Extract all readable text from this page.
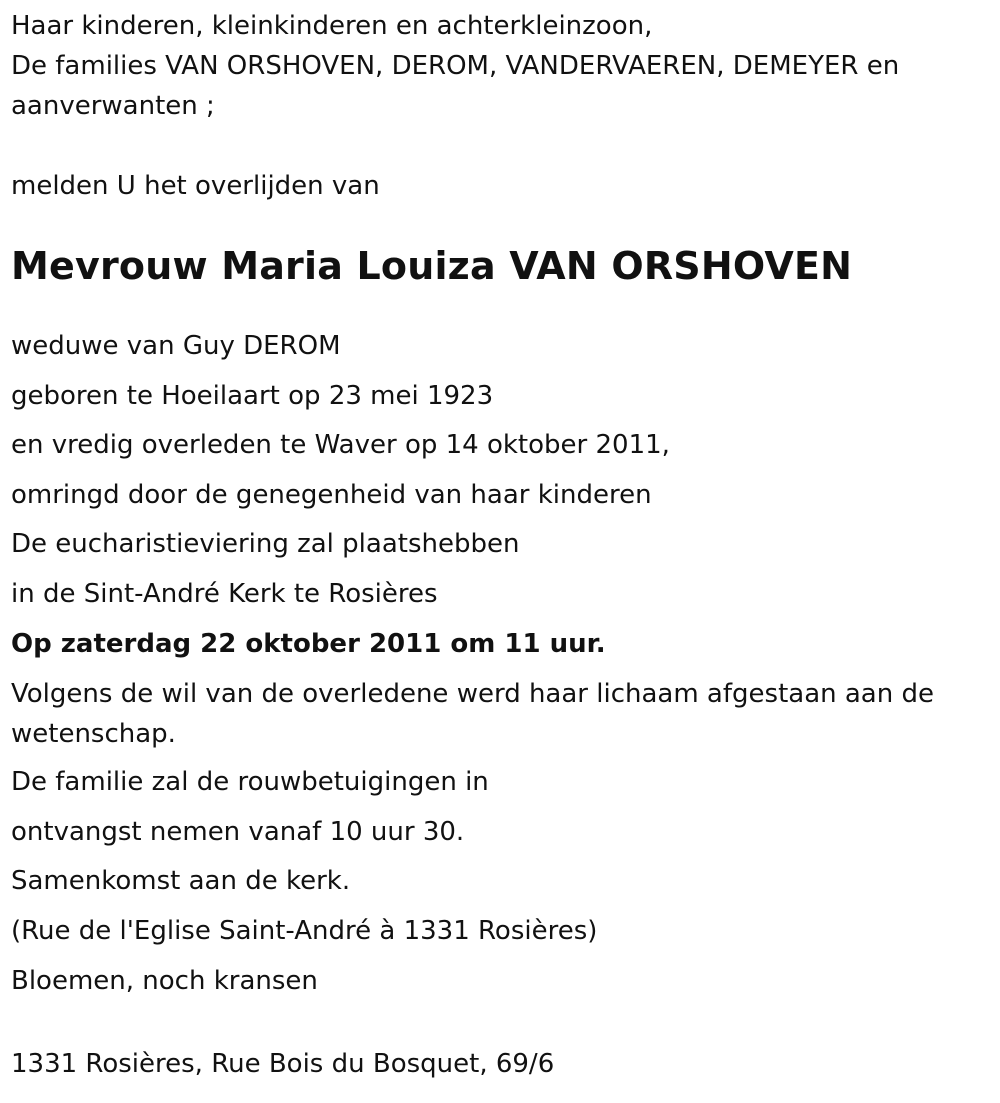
Haar kinderen, kleinkinderen en achterkleinzoon,
De families VAN ORSHOVEN, DEROM, VANDERVAEREN, DEMEYER en aanverwanten ;

melden U het overlijden van

Mevrouw Maria Louiza VAN ORSHOVEN

weduwe van Guy DEROM

geboren te Hoeilaart op 23 mei 1923

en vredig overleden te Waver op 14 oktober 2011,

omringd door de genegenheid van haar kinderen

De eucharistieviering zal plaatshebben

in de Sint-André Kerk te Rosières

Op zaterdag 22 oktober 2011 om 11 uur.

Volgens de wil van de overledene werd haar lichaam afgestaan aan de wetenschap.

De familie zal de rouwbetuigingen in

ontvangst nemen vanaf 10 uur 30.

Samenkomst aan de kerk.

(Rue de l'Eglise Saint-André à 1331 Rosières)

Bloemen, noch kransen

1331 Rosières, Rue Bois du Bosquet, 69/6
